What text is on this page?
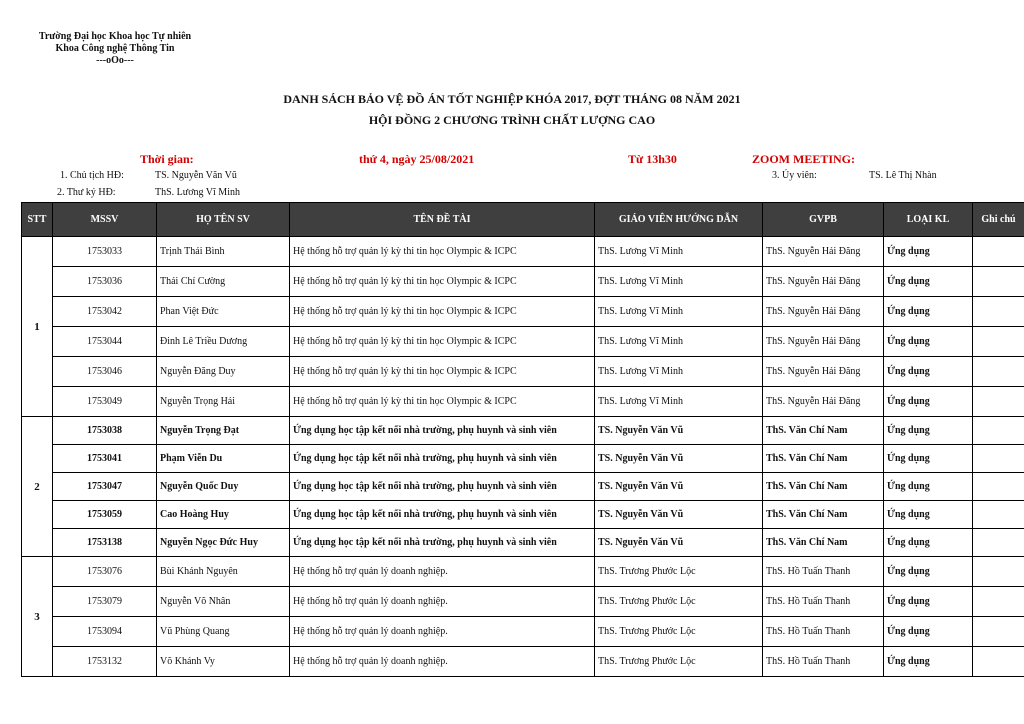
Trường Đại học Khoa học Tự nhiên
Khoa Công nghệ Thông Tin
---oOo---
DANH SÁCH BẢO VỆ ĐỒ ÁN TỐT NGHIỆP KHÓA 2017, ĐỢT THÁNG 08 NĂM 2021
HỘI ĐỒNG 2 CHƯƠNG TRÌNH CHẤT LƯỢNG CAO
Thời gian:	thứ 4, ngày 25/08/2021	Từ 13h30	ZOOM MEETING:
1. Chủ tịch HĐ:	TS. Nguyễn Văn Vũ
2. Thư ký HĐ:	ThS. Lương Vĩ Minh
3. Ủy viên:	TS. Lê Thị Nhàn
STT	MSSV	HỌ TÊN SV	TÊN ĐỀ TÀI	GIÁO VIÊN HƯỚNG DẪN	GVPB	LOẠI KL	Ghi chú
1	1753033	Trịnh Thái Bình	Hệ thống hỗ trợ quản lý kỳ thi tin học Olympic & ICPC	ThS. Lương Vĩ Minh	ThS. Nguyễn Hải Đăng	Ứng dụng	
	1753036	Thái Chí Cường	Hệ thống hỗ trợ quản lý kỳ thi tin học Olympic & ICPC	ThS. Lương Vĩ Minh	ThS. Nguyễn Hải Đăng	Ứng dụng	
	1753042	Phan Việt Đức	Hệ thống hỗ trợ quản lý kỳ thi tin học Olympic & ICPC	ThS. Lương Vĩ Minh	ThS. Nguyễn Hải Đăng	Ứng dụng	
	1753044	Đinh Lê Triều Dương	Hệ thống hỗ trợ quản lý kỳ thi tin học Olympic & ICPC	ThS. Lương Vĩ Minh	ThS. Nguyễn Hải Đăng	Ứng dụng	
	1753046	Nguyễn Đăng Duy	Hệ thống hỗ trợ quản lý kỳ thi tin học Olympic & ICPC	ThS. Lương Vĩ Minh	ThS. Nguyễn Hải Đăng	Ứng dụng	
	1753049	Nguyễn Trọng Hải	Hệ thống hỗ trợ quản lý kỳ thi tin học Olympic & ICPC	ThS. Lương Vĩ Minh	ThS. Nguyễn Hải Đăng	Ứng dụng	
2	1753038	Nguyễn Trọng Đạt	Ứng dụng học tập kết nối nhà trường, phụ huynh và sinh viên	TS. Nguyễn Văn Vũ	ThS. Văn Chí Nam	Ứng dụng	
	1753041	Phạm Viễn Du	Ứng dụng học tập kết nối nhà trường, phụ huynh và sinh viên	TS. Nguyễn Văn Vũ	ThS. Văn Chí Nam	Ứng dụng	
	1753047	Nguyễn Quốc Duy	Ứng dụng học tập kết nối nhà trường, phụ huynh và sinh viên	TS. Nguyễn Văn Vũ	ThS. Văn Chí Nam	Ứng dụng	
	1753059	Cao Hoàng Huy	Ứng dụng học tập kết nối nhà trường, phụ huynh và sinh viên	TS. Nguyễn Văn Vũ	ThS. Văn Chí Nam	Ứng dụng	
	1753138	Nguyễn Ngọc Đức Huy	Ứng dụng học tập kết nối nhà trường, phụ huynh và sinh viên	TS. Nguyễn Văn Vũ	ThS. Văn Chí Nam	Ứng dụng	
3	1753076	Bùi Khánh Nguyên	Hệ thống hỗ trợ quản lý doanh nghiệp.	ThS. Trương Phước Lộc	ThS. Hồ Tuấn Thanh	Ứng dụng	
	1753079	Nguyễn Võ Nhân	Hệ thống hỗ trợ quản lý doanh nghiệp.	ThS. Trương Phước Lộc	ThS. Hồ Tuấn Thanh	Ứng dụng	
	1753094	Vũ Phùng Quang	Hệ thống hỗ trợ quản lý doanh nghiệp.	ThS. Trương Phước Lộc	ThS. Hồ Tuấn Thanh	Ứng dụng	
	1753132	Võ Khánh Vy	Hệ thống hỗ trợ quản lý doanh nghiệp.	ThS. Trương Phước Lộc	ThS. Hồ Tuấn Thanh	Ứng dụng	
